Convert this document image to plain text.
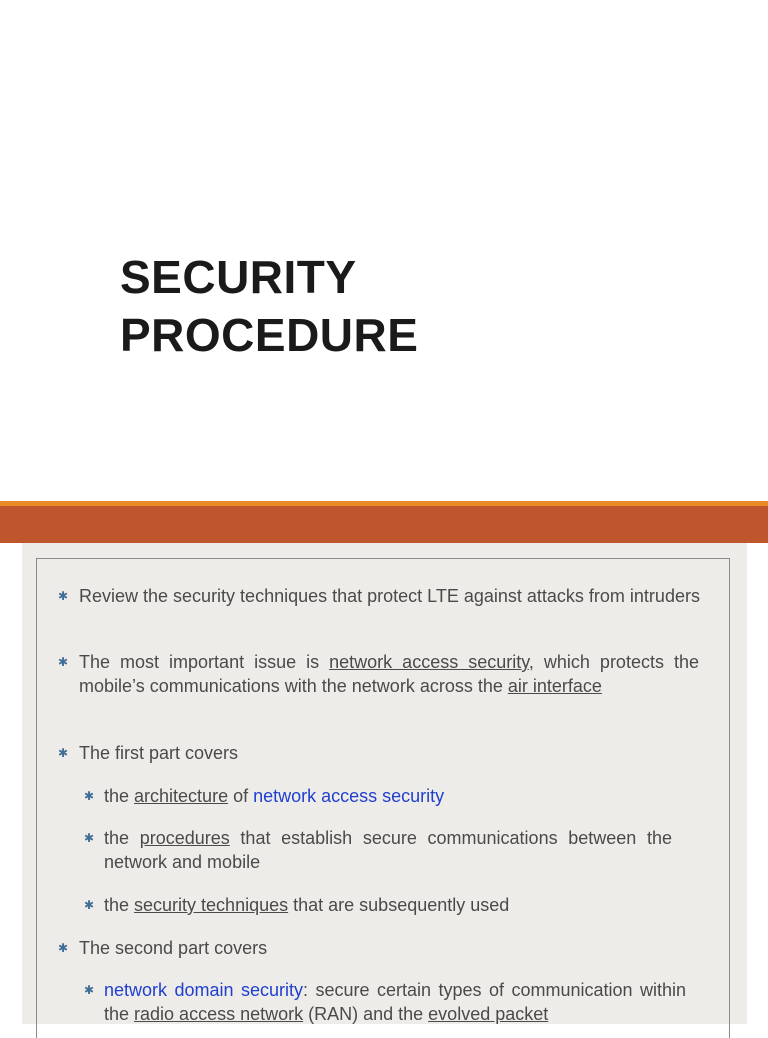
SECURITY
PROCEDURE
✱ Review the security techniques that protect LTE against attacks from intruders

✱ The most important issue is network access security, which protects the mobile’s communications with the network across the air interface

✱ The first part covers

✱ the architecture of network access security

✱ the procedures that establish secure communications between the network and mobile

✱ the security techniques that are subsequently used

✱ The second part covers

✱ network domain security: secure certain types of communication within the radio access network (RAN) and the evolved packet
